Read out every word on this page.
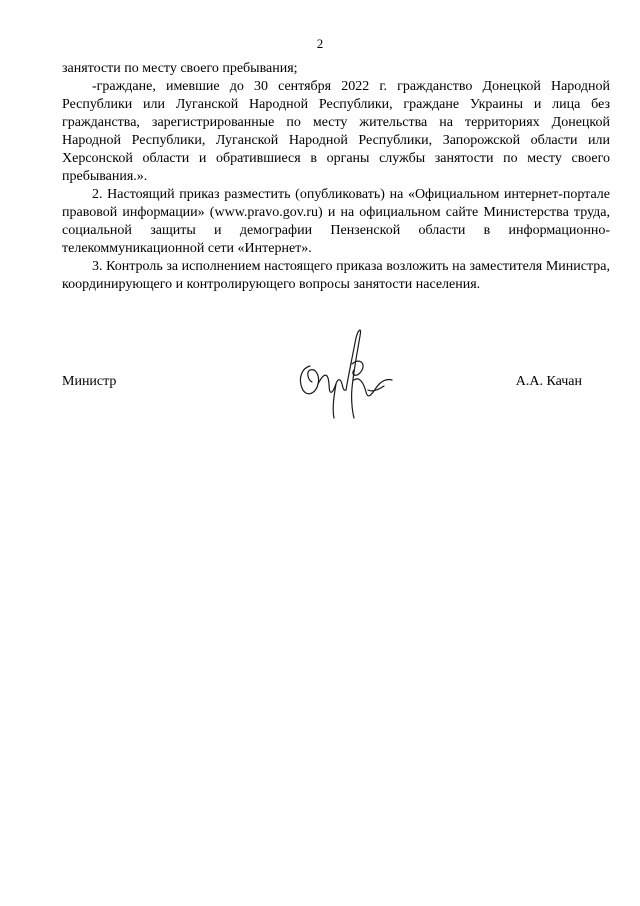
2

занятости по месту своего пребывания;

-граждане, имевшие до 30 сентября 2022 г. гражданство Донецкой Народной Республики или Луганской Народной Республики, граждане Украины и лица без гражданства, зарегистрированные по месту жительства на территориях Донецкой Народной Республики, Луганской Народной Республики, Запорожской области или Херсонской области и обратившиеся в органы службы занятости по месту своего пребывания.».

2. Настоящий приказ разместить (опубликовать) на «Официальном интернет-портале правовой информации» (www.pravo.gov.ru) и на официальном сайте Министерства труда, социальной защиты и демографии Пензенской области в информационно-телекоммуникационной сети «Интернет».

3. Контроль за исполнением настоящего приказа возложить на заместителя Министра, координирующего и контролирующего вопросы занятости населения.

Министр	А.А. Качан
